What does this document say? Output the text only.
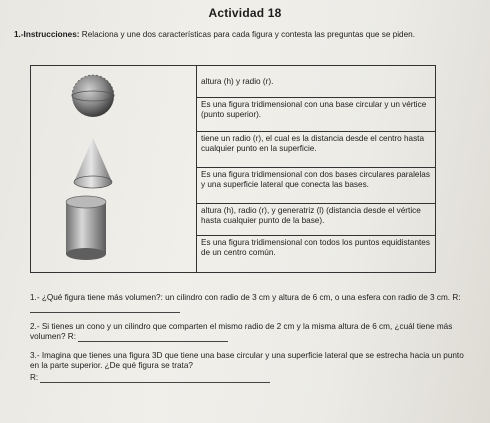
Actividad 18
1.-Instrucciones: Relaciona y une dos características para cada figura y contesta las preguntas que se piden.
altura (h) y radio (r).
Es una figura tridimensional con una base circular y un vértice (punto superior).
tiene un radio (r), el cual es la distancia desde el centro hasta cualquier punto en la superficie.
Es una figura tridimensional con dos bases circulares paralelas y una superficie lateral que conecta las bases.
altura (h), radio (r), y generatriz (l) (distancia desde el vértice hasta cualquier punto de la base).
Es una figura tridimensional con todos los puntos equidistantes de un centro común.
1.- ¿Qué figura tiene más volumen?: un cilindro con radio de 3 cm y altura de 6 cm, o una esfera con radio de 3 cm. R:
2.- Si tienes un cono y un cilindro que comparten el mismo radio de 2 cm y la misma altura de 6 cm, ¿cuál tiene más volumen? R:
3.- Imagina que tienes una figura 3D que tiene una base circular y una superficie lateral que se estrecha hacia un punto en la parte superior. ¿De qué figura se trata?
R:
